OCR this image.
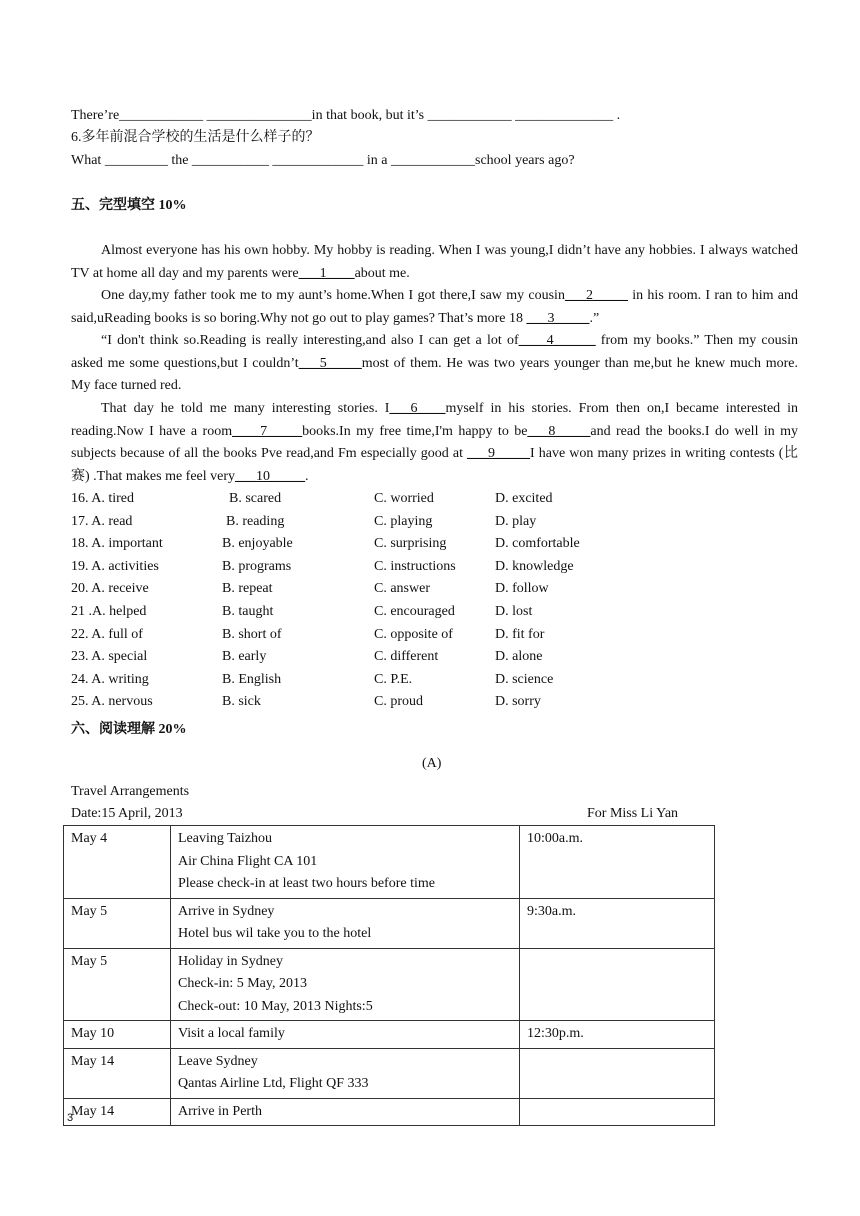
There’re____________ _______________in that book, but it’s ____________ ______________ .
6.多年前混合学校的生活是什么样子的？
What _________ the ___________ _____________ in a ____________school years ago?
五、完型填空 10%
Almost everyone has his own hobby. My hobby is reading. When I was young,I didn’t have any hobbies. I always watched TV at home all day and my parents were___1____about me.
One day,my father took me to my aunt’s home.When I got there,I saw my cousin___2_____ in his room. I ran to him and said,uReading books is so boring.Why not go out to play games? That’s more 18 ___3_____.”
“I don't think so.Reading is really interesting,and also I can get a lot of____4______ from my books.” Then my cousin asked me some questions,but I couldn’t___5_____most of them. He was two years younger than me,but he knew much more. My face turned red.
That day he told me many interesting stories. I___6____myself in his stories. From then on,I became interested in reading.Now I have a room____7_____books.In my free time,I'm happy to be___8_____and read the books.I do well in my subjects because of all the books Pve read,and Fm especially good at ___9_____I have won many prizes in writing contests (比赛) .That makes me feel very___10_____.
16. A. tired	B. scared	C. worried	D. excited
17. A. read	B. reading	C. playing	D. play
18. A. important	B. enjoyable	C. surprising	D. comfortable
19. A. activities	B. programs	C. instructions	D. knowledge
20. A. receive	B. repeat	C. answer	D. follow
21 .A. helped	B. taught	C. encouraged	D. lost
22. A. full of	B. short of	C. opposite of	D. fit for
23. A. special	B. early	C. different	D. alone
24. A. writing	B. English	C. P.E.	D. science
25. A. nervous	B. sick	C. proud	D. sorry
六、阅读理解 20%
(A)
Travel Arrangements
Date:15 April, 2013	For Miss Li Yan
May 4	Leaving Taizhou
Air China Flight CA 101
Please check-in at least two hours before time	10:00a.m.
May 5	Arrive in Sydney
Hotel bus wil take you to the hotel	9:30a.m.
May 5	Holiday in Sydney
Check-in: 5 May, 2013
Check-out: 10 May, 2013 Nights:5	

May 10	Visit a local family	12:30p.m.
May 14	Leave Sydney
Qantas Airline Ltd, Flight QF 333	

May 14	Arrive in Perth	

3
